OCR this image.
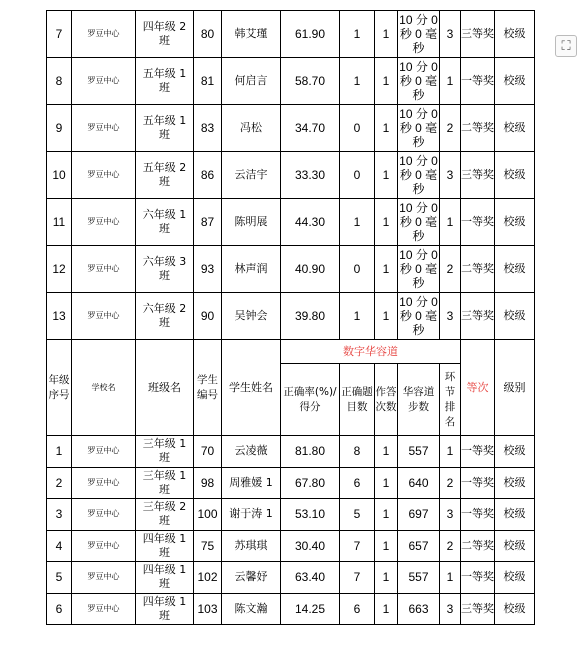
7	罗豆中心	四年级 2 班	80	韩艾瑾	61.90	1	1	10 分 0 秒 0 毫秒	3	三等奖	校级
8	罗豆中心	五年级 1 班	81	何启言	58.70	1	1	10 分 0 秒 0 毫秒	1	一等奖	校级
9	罗豆中心	五年级 1 班	83	冯松	34.70	0	1	10 分 0 秒 0 毫秒	2	二等奖	校级
10	罗豆中心	五年级 2 班	86	云洁宇	33.30	0	1	10 分 0 秒 0 毫秒	3	三等奖	校级
11	罗豆中心	六年级 1 班	87	陈明展	44.30	1	1	10 分 0 秒 0 毫秒	1	一等奖	校级
12	罗豆中心	六年级 3 班	93	林声润	40.90	0	1	10 分 0 秒 0 毫秒	2	二等奖	校级
13	罗豆中心	六年级 2 班	90	吴钟会	39.80	1	1	10 分 0 秒 0 毫秒	3	三等奖	校级
年级序号	学校名	班级名	学生编号	学生姓名	数字华容道					等次	级别
					正确率(%)/得分	正确题目数	作答次数	华容道步数	环节排名		
1	罗豆中心	三年级 1 班	70	云凌薇	81.80	8	1	557	1	一等奖	校级
2	罗豆中心	三年级 1 班	98	周雅媛 1	67.80	6	1	640	2	一等奖	校级
3	罗豆中心	三年级 2 班	100	谢于涛 1	53.10	5	1	697	3	一等奖	校级
4	罗豆中心	四年级 1 班	75	苏琪琪	30.40	7	1	657	2	二等奖	校级
5	罗豆中心	四年级 1 班	102	云馨妤	63.40	7	1	557	1	一等奖	校级
6	罗豆中心	四年级 1 班	103	陈文瀚	14.25	6	1	663	3	三等奖	校级
⛶
